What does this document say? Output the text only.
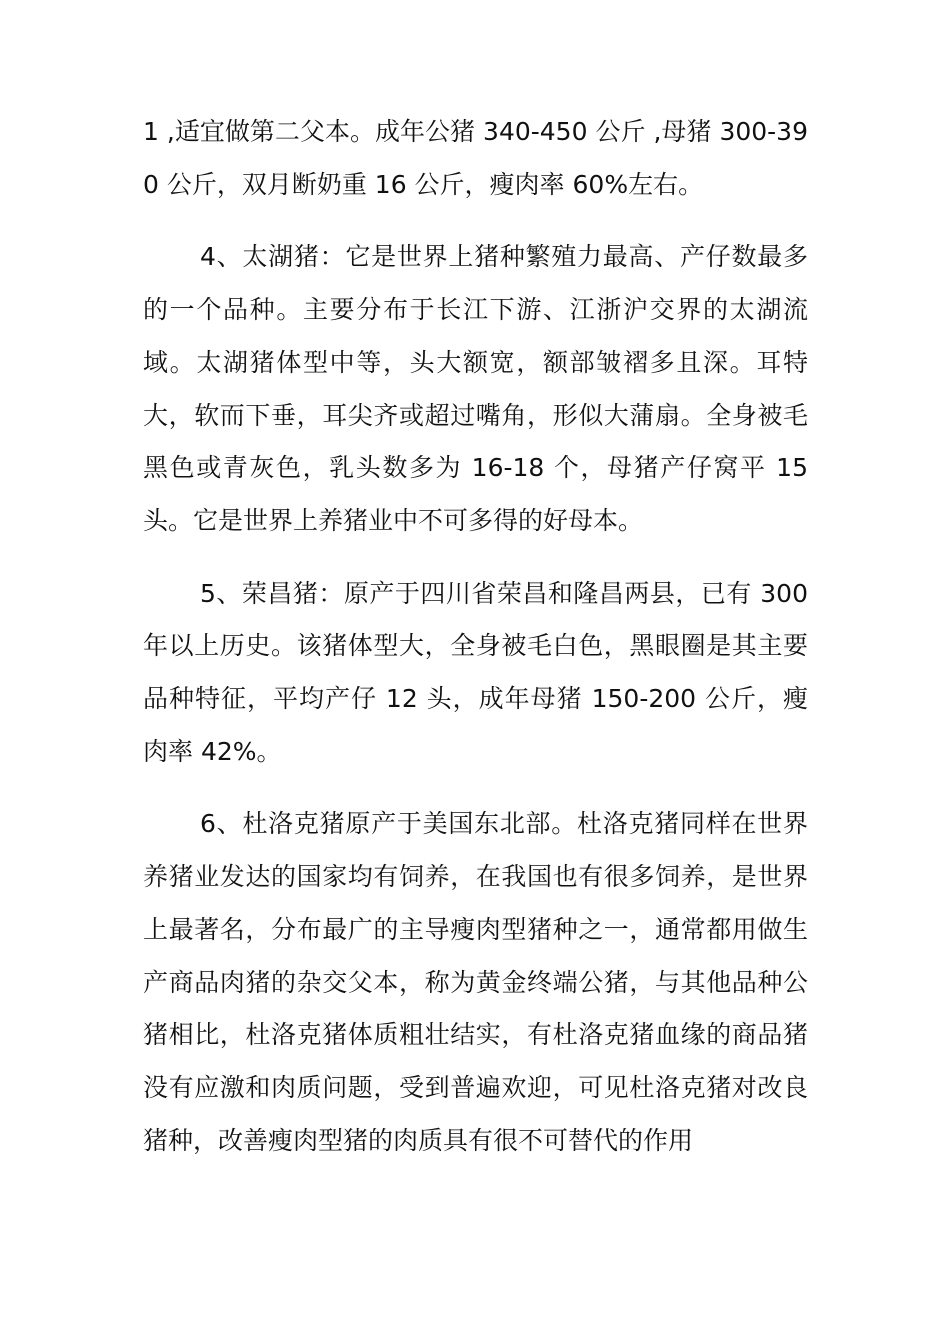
1 ,适宜做第二父本。成年公猪 340-450 公斤 ,母猪 300-390 公斤，双月断奶重 16 公斤，瘦肉率 60%左右。

4、太湖猪：它是世界上猪种繁殖力最高、产仔数最多的一个品种。主要分布于长江下游、江浙沪交界的太湖流域。太湖猪体型中等，头大额宽，额部皱褶多且深。耳特大，软而下垂，耳尖齐或超过嘴角，形似大蒲扇。全身被毛黑色或青灰色，乳头数多为 16-18 个，母猪产仔窝平 15 头。它是世界上养猪业中不可多得的好母本。

5、荣昌猪：原产于四川省荣昌和隆昌两县，已有 300 年以上历史。该猪体型大，全身被毛白色，黑眼圈是其主要品种特征，平均产仔 12 头，成年母猪 150-200 公斤，瘦肉率 42%。

6、杜洛克猪原产于美国东北部。杜洛克猪同样在世界养猪业发达的国家均有饲养，在我国也有很多饲养，是世界上最著名，分布最广的主导瘦肉型猪种之一，通常都用做生产商品肉猪的杂交父本，称为黄金终端公猪，与其他品种公猪相比，杜洛克猪体质粗壮结实，有杜洛克猪血缘的商品猪没有应激和肉质问题，受到普遍欢迎，可见杜洛克猪对改良猪种，改善瘦肉型猪的肉质具有很不可替代的作用
